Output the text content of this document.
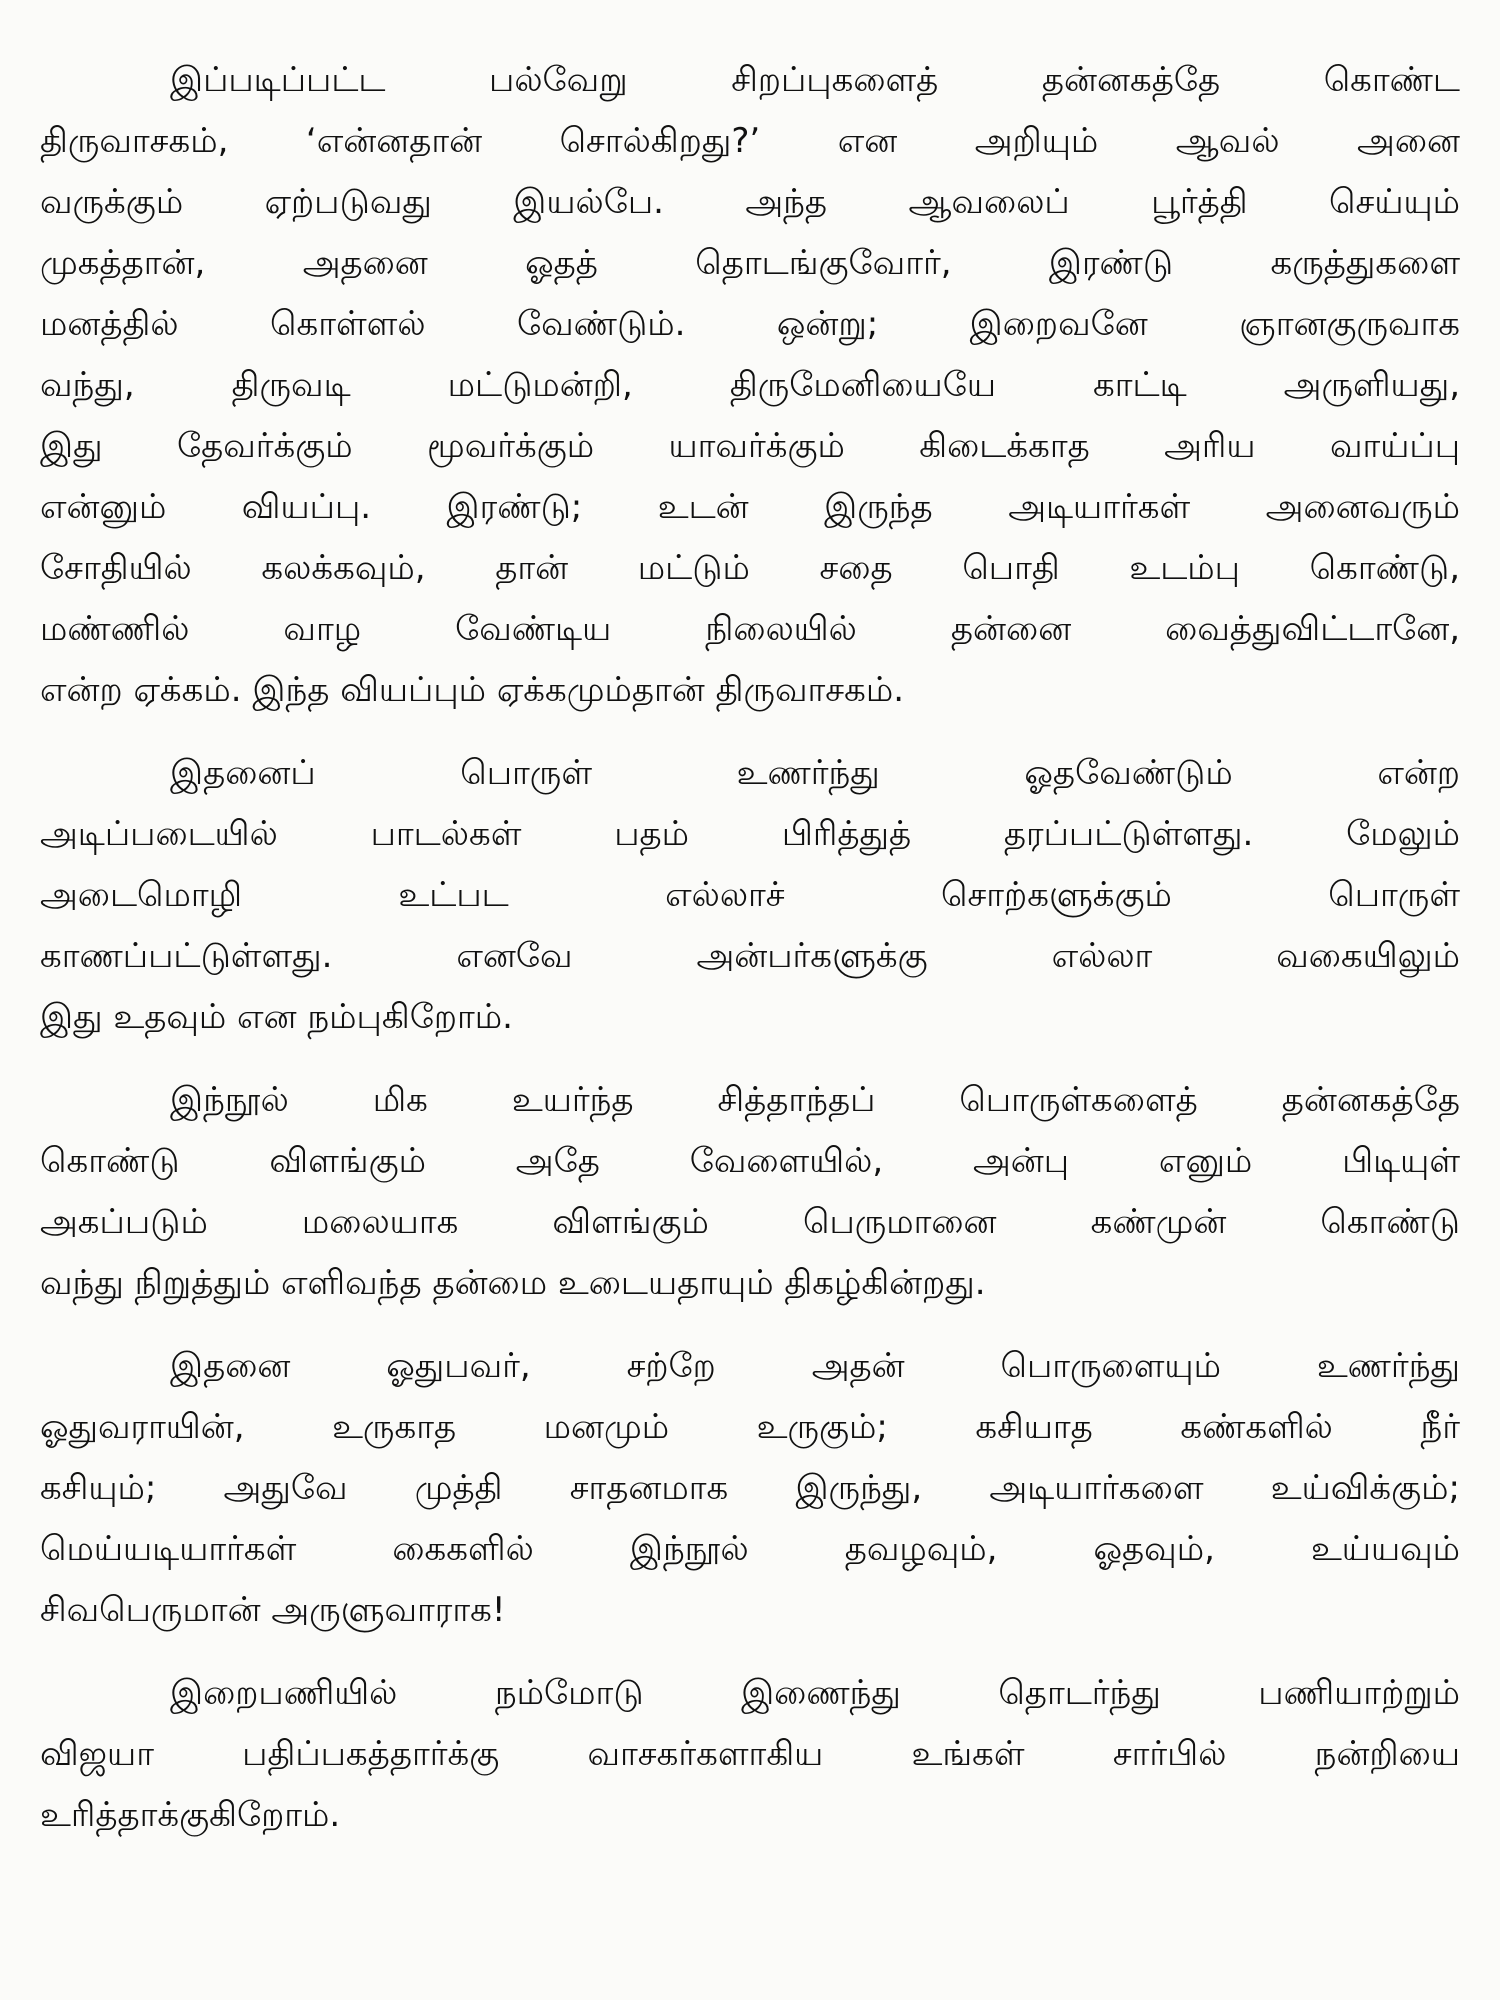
இப்படிப்பட்ட பல்வேறு சிறப்புகளைத் தன்னகத்தே கொண்ட
திருவாசகம், ‘என்னதான் சொல்கிறது?’ என அறியும் ஆவல் அனை
வருக்கும் ஏற்படுவது இயல்பே. அந்த ஆவலைப் பூர்த்தி செய்யும்
முகத்தான், அதனை ஓதத் தொடங்குவோர், இரண்டு கருத்துகளை
மனத்தில் கொள்ளல் வேண்டும். ஒன்று; இறைவனே ஞானகுருவாக
வந்து, திருவடி மட்டுமன்றி, திருமேனியையே காட்டி அருளியது,
இது தேவர்க்கும் மூவர்க்கும் யாவர்க்கும் கிடைக்காத அரிய வாய்ப்பு
என்னும் வியப்பு. இரண்டு; உடன் இருந்த அடியார்கள் அனைவரும்
சோதியில் கலக்கவும், தான் மட்டும் சதை பொதி உடம்பு கொண்டு,
மண்ணில் வாழ வேண்டிய நிலையில் தன்னை வைத்துவிட்டானே,
என்ற ஏக்கம். இந்த வியப்பும் ஏக்கமும்தான் திருவாசகம்.
இதனைப் பொருள் உணர்ந்து ஓதவேண்டும் என்ற
அடிப்படையில் பாடல்கள் பதம் பிரித்துத் தரப்பட்டுள்ளது. மேலும்
அடைமொழி உட்பட எல்லாச் சொற்களுக்கும் பொருள்
காணப்பட்டுள்ளது. எனவே அன்பர்களுக்கு எல்லா வகையிலும்
இது உதவும் என நம்புகிறோம்.
இந்நூல் மிக உயர்ந்த சித்தாந்தப் பொருள்களைத் தன்னகத்தே
கொண்டு விளங்கும் அதே வேளையில், அன்பு எனும் பிடியுள்
அகப்படும் மலையாக விளங்கும் பெருமானை கண்முன் கொண்டு
வந்து நிறுத்தும் எளிவந்த தன்மை உடையதாயும் திகழ்கின்றது.
இதனை ஓதுபவர், சற்றே அதன் பொருளையும் உணர்ந்து
ஓதுவராயின், உருகாத மனமும் உருகும்; கசியாத கண்களில் நீர்
கசியும்; அதுவே முத்தி சாதனமாக இருந்து, அடியார்களை உய்விக்கும்;
மெய்யடியார்கள் கைகளில் இந்நூல் தவழவும், ஓதவும், உய்யவும்
சிவபெருமான் அருளுவாராக!
இறைபணியில் நம்மோடு இணைந்து தொடர்ந்து பணியாற்றும்
விஜயா பதிப்பகத்தார்க்கு வாசகர்களாகிய உங்கள் சார்பில் நன்றியை
உரித்தாக்குகிறோம்.
